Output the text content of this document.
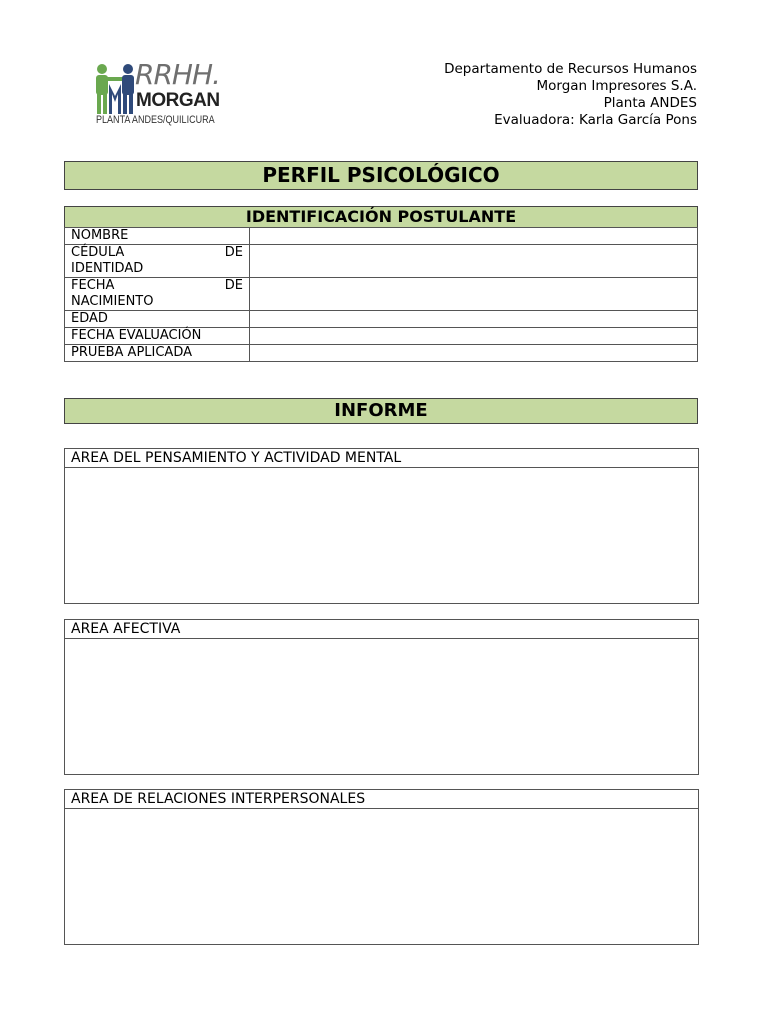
RRHH.
MORGAN
PLANTA ANDES/QUILICURA
Departamento de Recursos Humanos
Morgan Impresores S.A.
Planta ANDES
Evaluadora: Karla García Pons
PERFIL PSICOLÓGICO
IDENTIFICACIÓN POSTULANTE
NOMBRE	

CÉDULA DE
IDENTIDAD	

FECHA DE
NACIMIENTO	

EDAD	
FECHA EVALUACIÓN	
PRUEBA APLICADA	
INFORME
AREA DEL PENSAMIENTO Y ACTIVIDAD MENTAL
AREA AFECTIVA
AREA DE RELACIONES INTERPERSONALES
